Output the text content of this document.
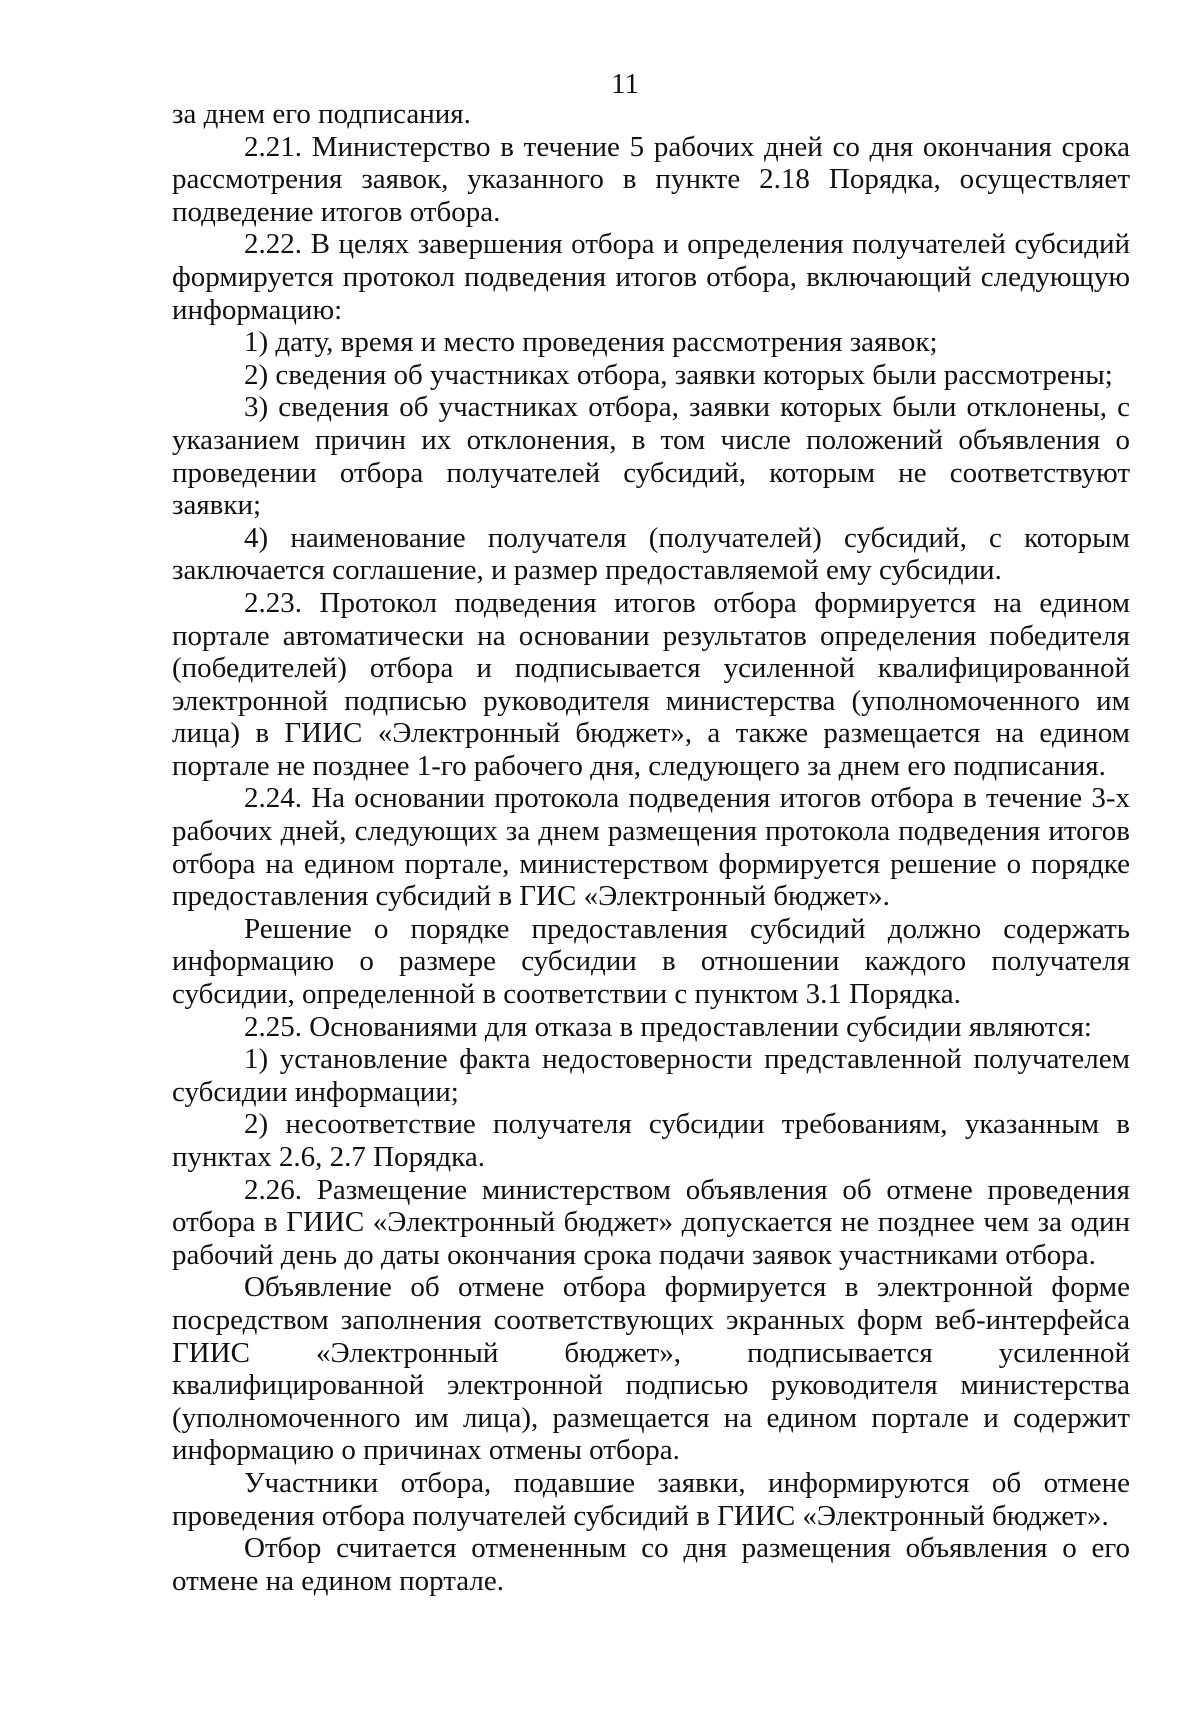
11

за днем его подписания.

2.21. Министерство в течение 5 рабочих дней со дня окончания срока рассмотрения заявок, указанного в пункте 2.18 Порядка, осуществляет подведение итогов отбора.

2.22. В целях завершения отбора и определения получателей субсидий формируется протокол подведения итогов отбора, включающий следующую информацию:

1) дату, время и место проведения рассмотрения заявок;

2) сведения об участниках отбора, заявки которых были рассмотрены;

3) сведения об участниках отбора, заявки которых были отклонены, с указанием причин их отклонения, в том числе положений объявления о проведении отбора получателей субсидий, которым не соответствуют заявки;

4) наименование получателя (получателей) субсидий, с которым заключается соглашение, и размер предоставляемой ему субсидии.

2.23. Протокол подведения итогов отбора формируется на едином портале автоматически на основании результатов определения победителя (победителей) отбора и подписывается усиленной квалифицированной электронной подписью руководителя министерства (уполномоченного им лица) в ГИИС «Электронный бюджет», а также размещается на едином портале не позднее 1-го рабочего дня, следующего за днем его подписания.

2.24. На основании протокола подведения итогов отбора в течение 3-х рабочих дней, следующих за днем размещения протокола подведения итогов отбора на едином портале, министерством формируется решение о порядке предоставления субсидий в ГИС «Электронный бюджет».

Решение о порядке предоставления субсидий должно содержать информацию о размере субсидии в отношении каждого получателя субсидии, определенной в соответствии с пунктом 3.1 Порядка.

2.25. Основаниями для отказа в предоставлении субсидии являются:

1) установление факта недостоверности представленной получателем субсидии информации;

2) несоответствие получателя субсидии требованиям, указанным в пунктах 2.6, 2.7 Порядка.

2.26. Размещение министерством объявления об отмене проведения отбора в ГИИС «Электронный бюджет» допускается не позднее чем за один рабочий день до даты окончания срока подачи заявок участниками отбора.

Объявление об отмене отбора формируется в электронной форме посредством заполнения соответствующих экранных форм веб-интерфейса ГИИС «Электронный бюджет», подписывается усиленной квалифицированной электронной подписью руководителя министерства (уполномоченного им лица), размещается на едином портале и содержит информацию о причинах отмены отбора.

Участники отбора, подавшие заявки, информируются об отмене проведения отбора получателей субсидий в ГИИС «Электронный бюджет».

Отбор считается отмененным со дня размещения объявления о его отмене на едином портале.
